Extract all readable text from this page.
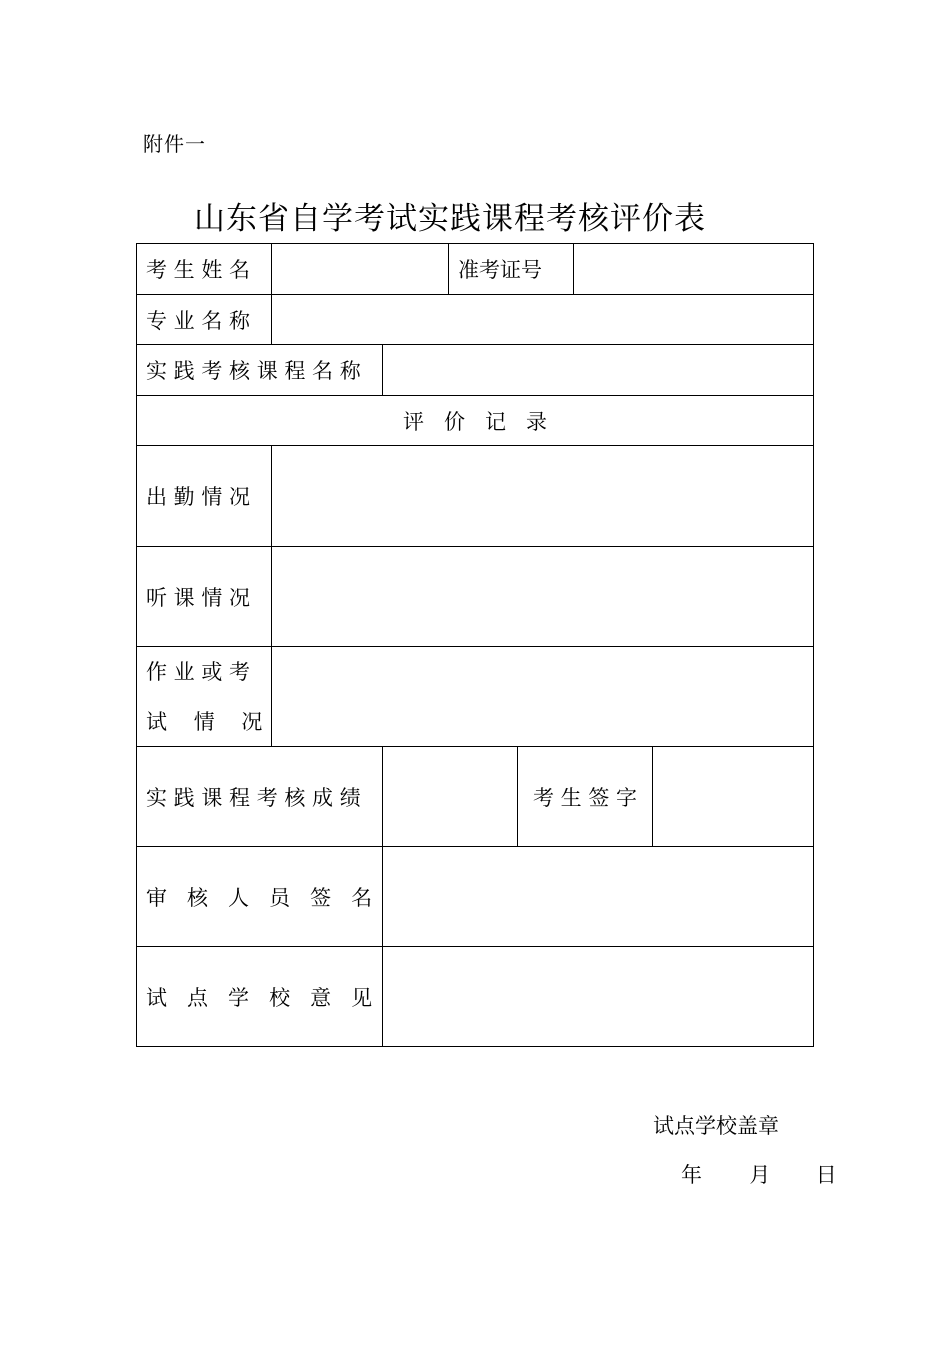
附件一
山东省自学考试实践课程考核评价表
考 生 姓 名	准考证号
专 业 名 称
实 践 考 核 课 程 名 称
评   价   记   录
出 勤 情 况
听 课 情 况
作 业 或 考
试    情    况
实 践 课 程 考 核 成 绩	考 生 签 字
审   核   人   员   签   名
试   点   学   校   意   见
试点学校盖章
年 月 日
